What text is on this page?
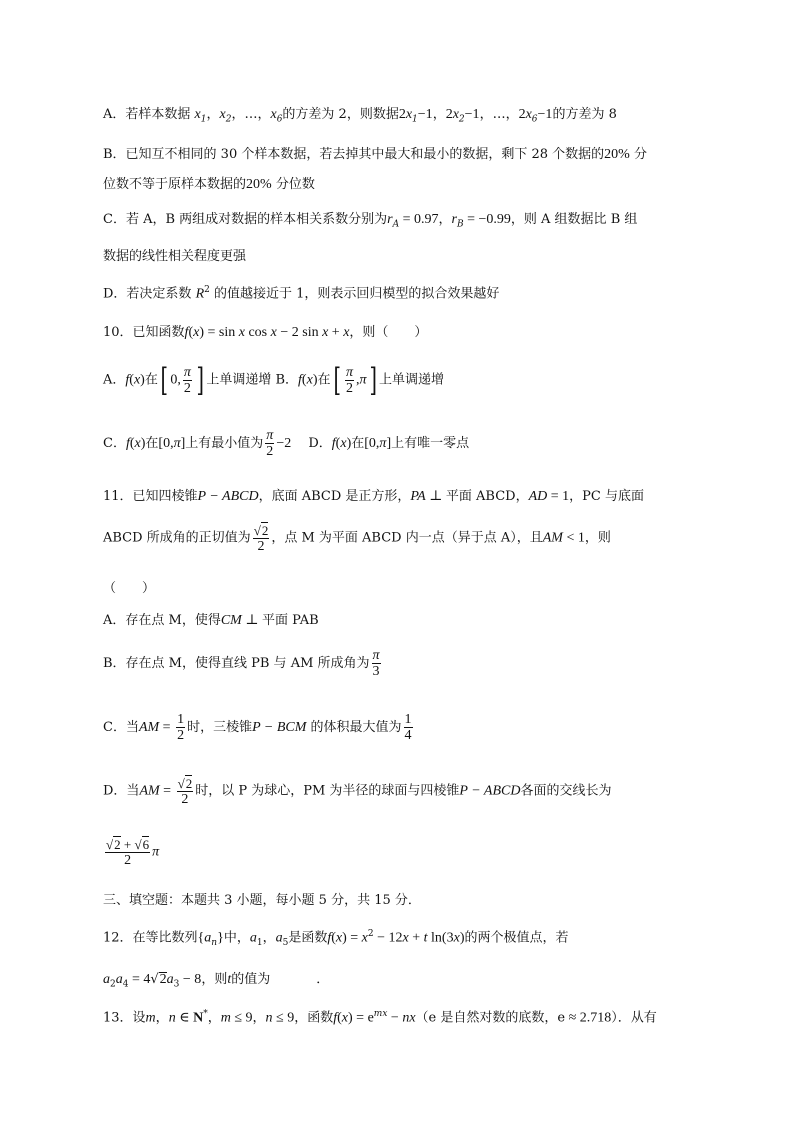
A．若样本数据 $x_1$，$x_2$，…，$x_6$的方差为 2，则数据$2x_1-1$，$2x_2-1$，…，$2x_6-1$的方差为 8
B．已知互不相同的 30 个样本数据，若去掉其中最大和最小的数据，剩下 28 个数据的20% 分
位数不等于原样本数据的20% 分位数
C．若 A，B 两组成对数据的样本相关系数分别为$r_A = 0.97$，$r_B = -0.99$，则 A 组数据比 B 组
数据的线性相关程度更强
D．若决定系数 $R^2$ 的值越接近于 1，则表示回归模型的拟合效果越好
10．已知函数f(x) = sin x cos x − 2 sin x + x，则（　　）
A．f(x)在[ 0, $\frac{\pi}{2}$ ] 上单调递增 B．f(x)在[ $\frac{\pi}{2} ,\pi$] 上单调递增
C．f(x)在[0,π]上有最小值为 $\frac{\pi}{2} -2$　 D．f(x)在[0,π]上有唯一零点
11．已知四棱锥P − ABCD，底面 ABCD 是正方形，PA ⊥ 平面 ABCD，AD = 1，PC 与底面
ABCD 所成角的正切值为 $\frac{√2}{2}$ ，点 M 为平面 ABCD 内一点（异于点 A），且AM < 1，则
（　　）
A．存在点 M，使得CM ⊥ 平面 PAB
B．存在点 M，使得直线 PB 与 AM 所成角为 $\frac{\pi}{3}$
C．当AM = $\frac{1}{2}$ 时，三棱锥P − BCM 的体积最大值为 $\frac{1}{4}$
D．当AM = $\frac{√2}{2}$ 时，以 P 为球心，PM 为半径的球面与四棱锥P − ABCD各面的交线长为
$\frac{√2 + √6}{2}$ π
三、填空题：本题共 3 小题，每小题 5 分，共 15 分．
12．在等比数列$\{a_n\}$中，$a_1$，$a_5$是函数$f(x) = x^2 - 12x + t$ ln(3x)的两个极值点，若
$a_2a_4 = 4√2a_3 - 8$，则t的值为	．
13．设m，n ∈ N*，m ≤ 9，n ≤ 9，函数$f(x) = e^{mx} - nx(e$ 是自然对数的底数，e ≈ 2.718）．从有
